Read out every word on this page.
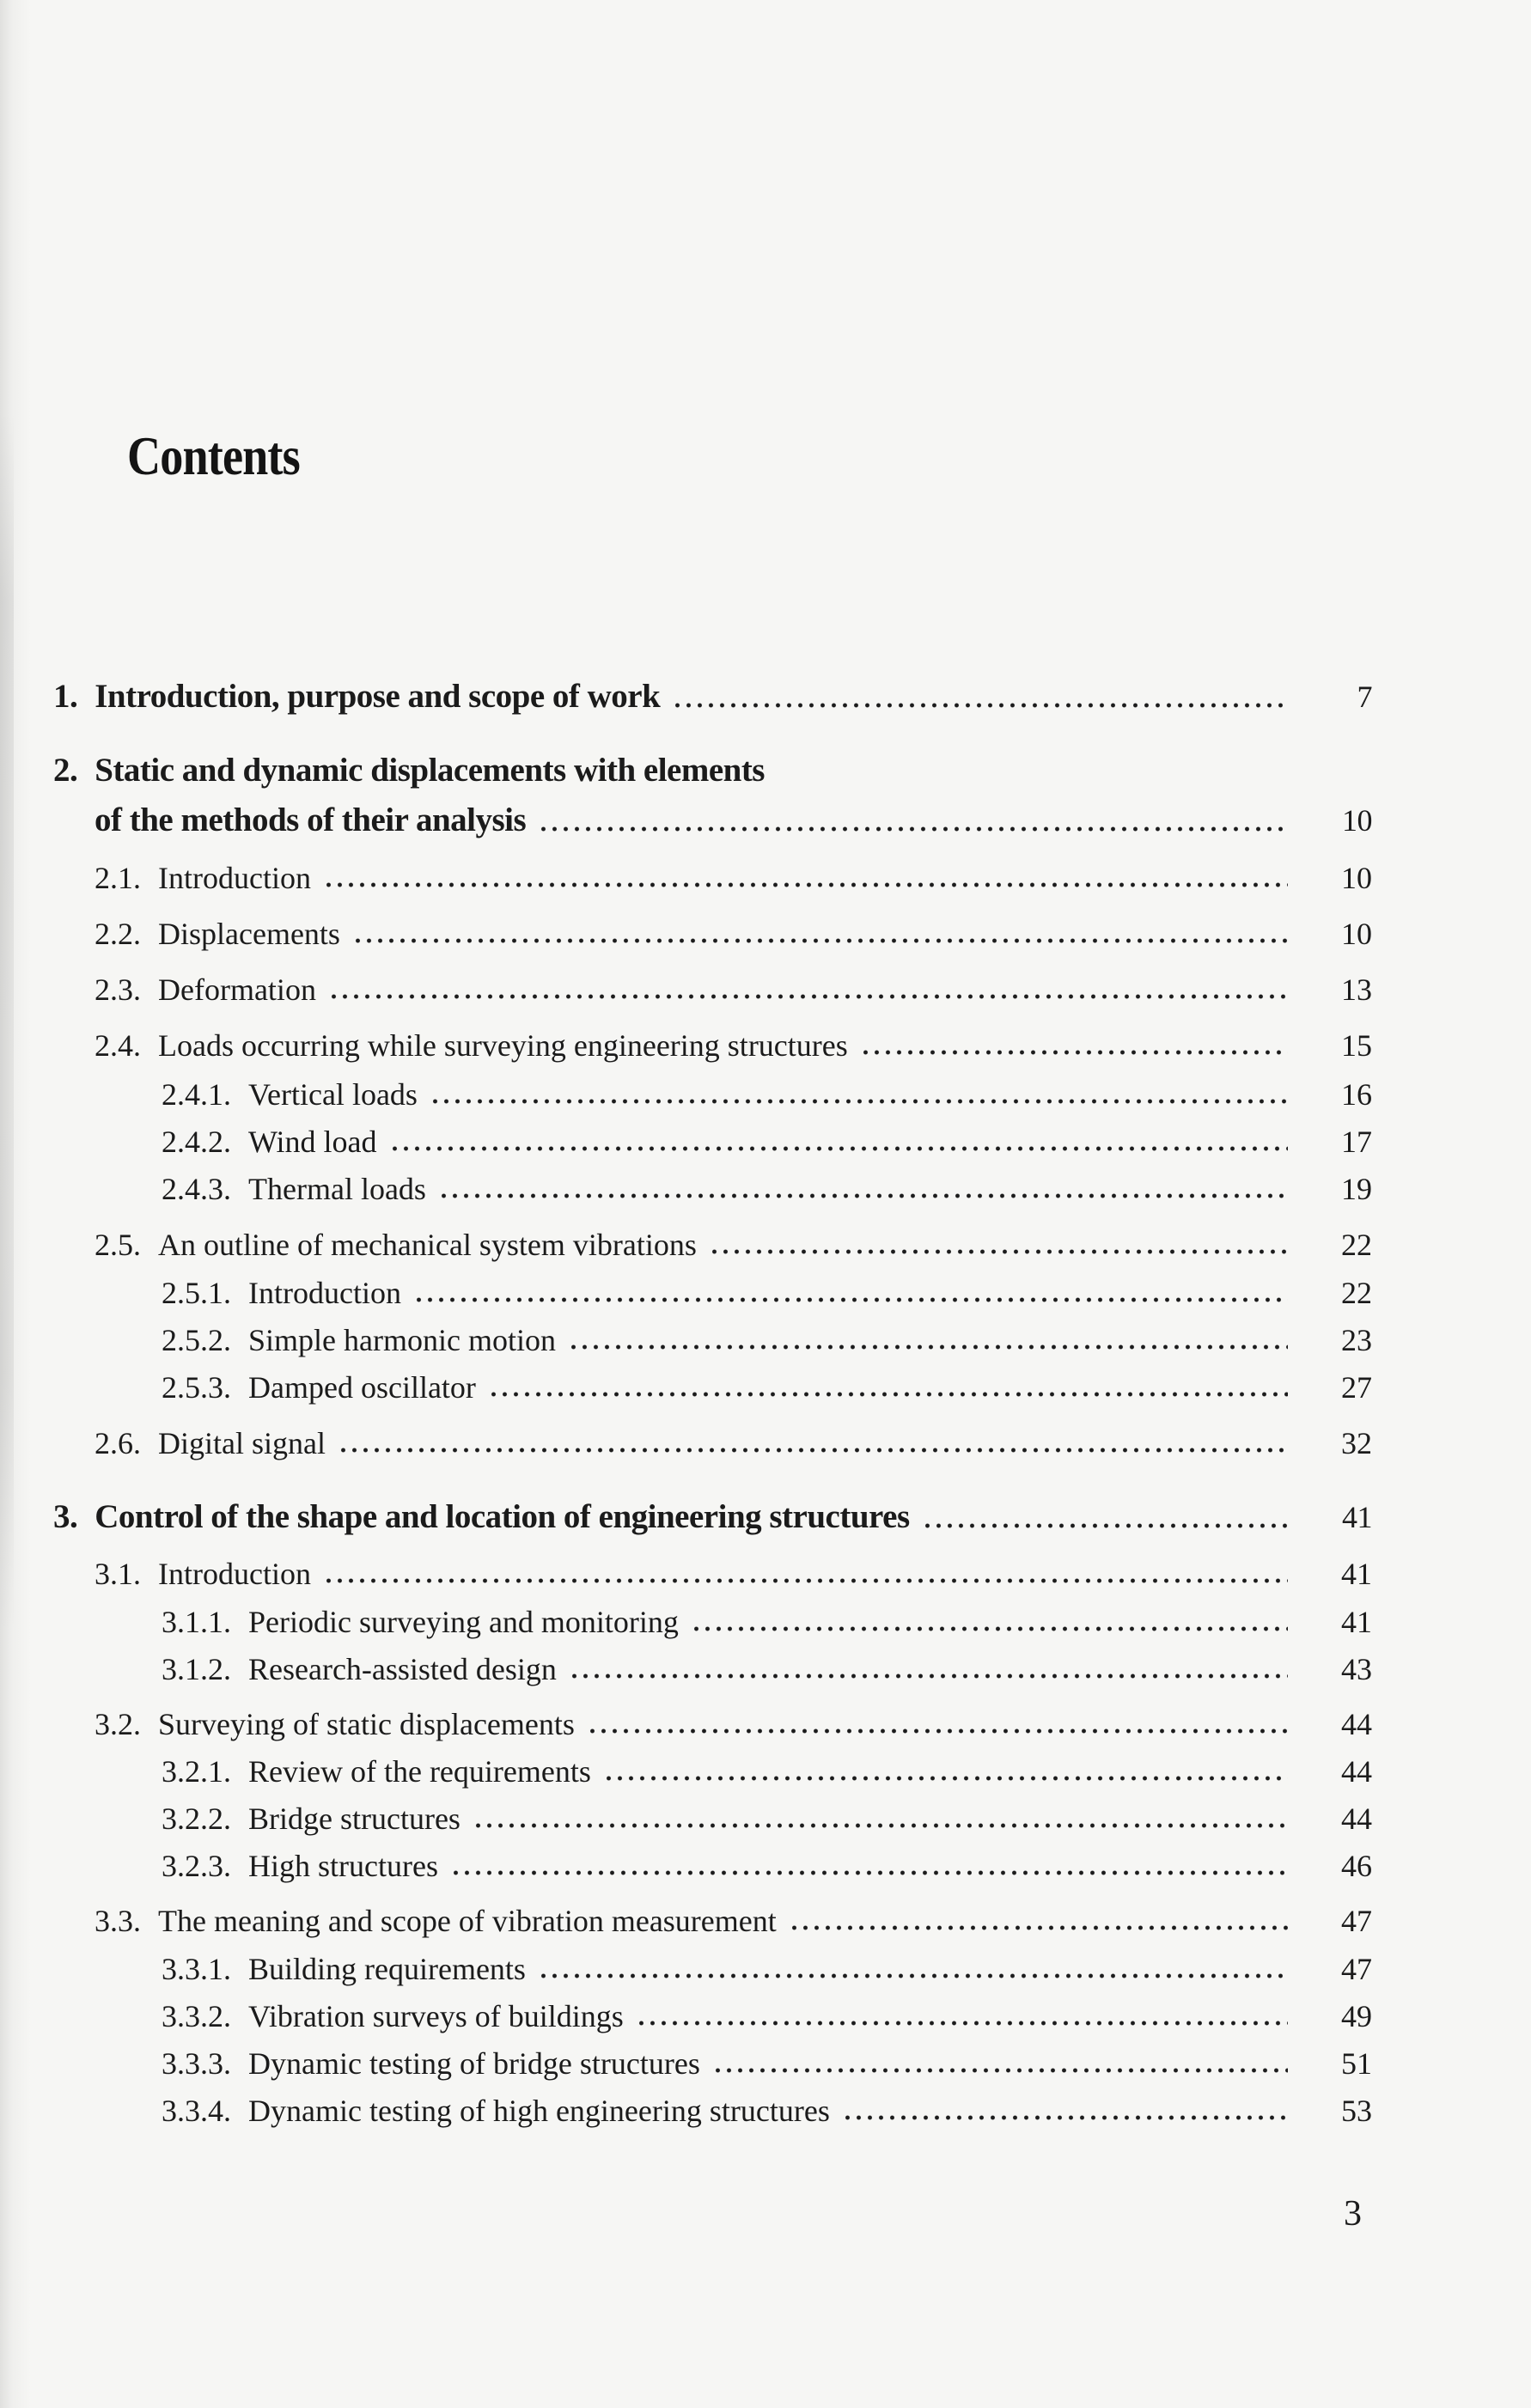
Contents
1. Introduction, purpose and scope of work	7
2. Static and dynamic displacements with elements
of the methods of their analysis	10
2.1. Introduction	10
2.2. Displacements	10
2.3. Deformation	13
2.4. Loads occurring while surveying engineering structures	15
2.4.1. Vertical loads	16
2.4.2. Wind load	17
2.4.3. Thermal loads	19
2.5. An outline of mechanical system vibrations	22
2.5.1. Introduction	22
2.5.2. Simple harmonic motion	23
2.5.3. Damped oscillator	27
2.6. Digital signal	32
3. Control of the shape and location of engineering structures	41
3.1. Introduction	41
3.1.1. Periodic surveying and monitoring	41
3.1.2. Research-assisted design	43
3.2. Surveying of static displacements	44
3.2.1. Review of the requirements	44
3.2.2. Bridge structures	44
3.2.3. High structures	46
3.3. The meaning and scope of vibration measurement	47
3.3.1. Building requirements	47
3.3.2. Vibration surveys of buildings	49
3.3.3. Dynamic testing of bridge structures	51
3.3.4. Dynamic testing of high engineering structures	53
3
